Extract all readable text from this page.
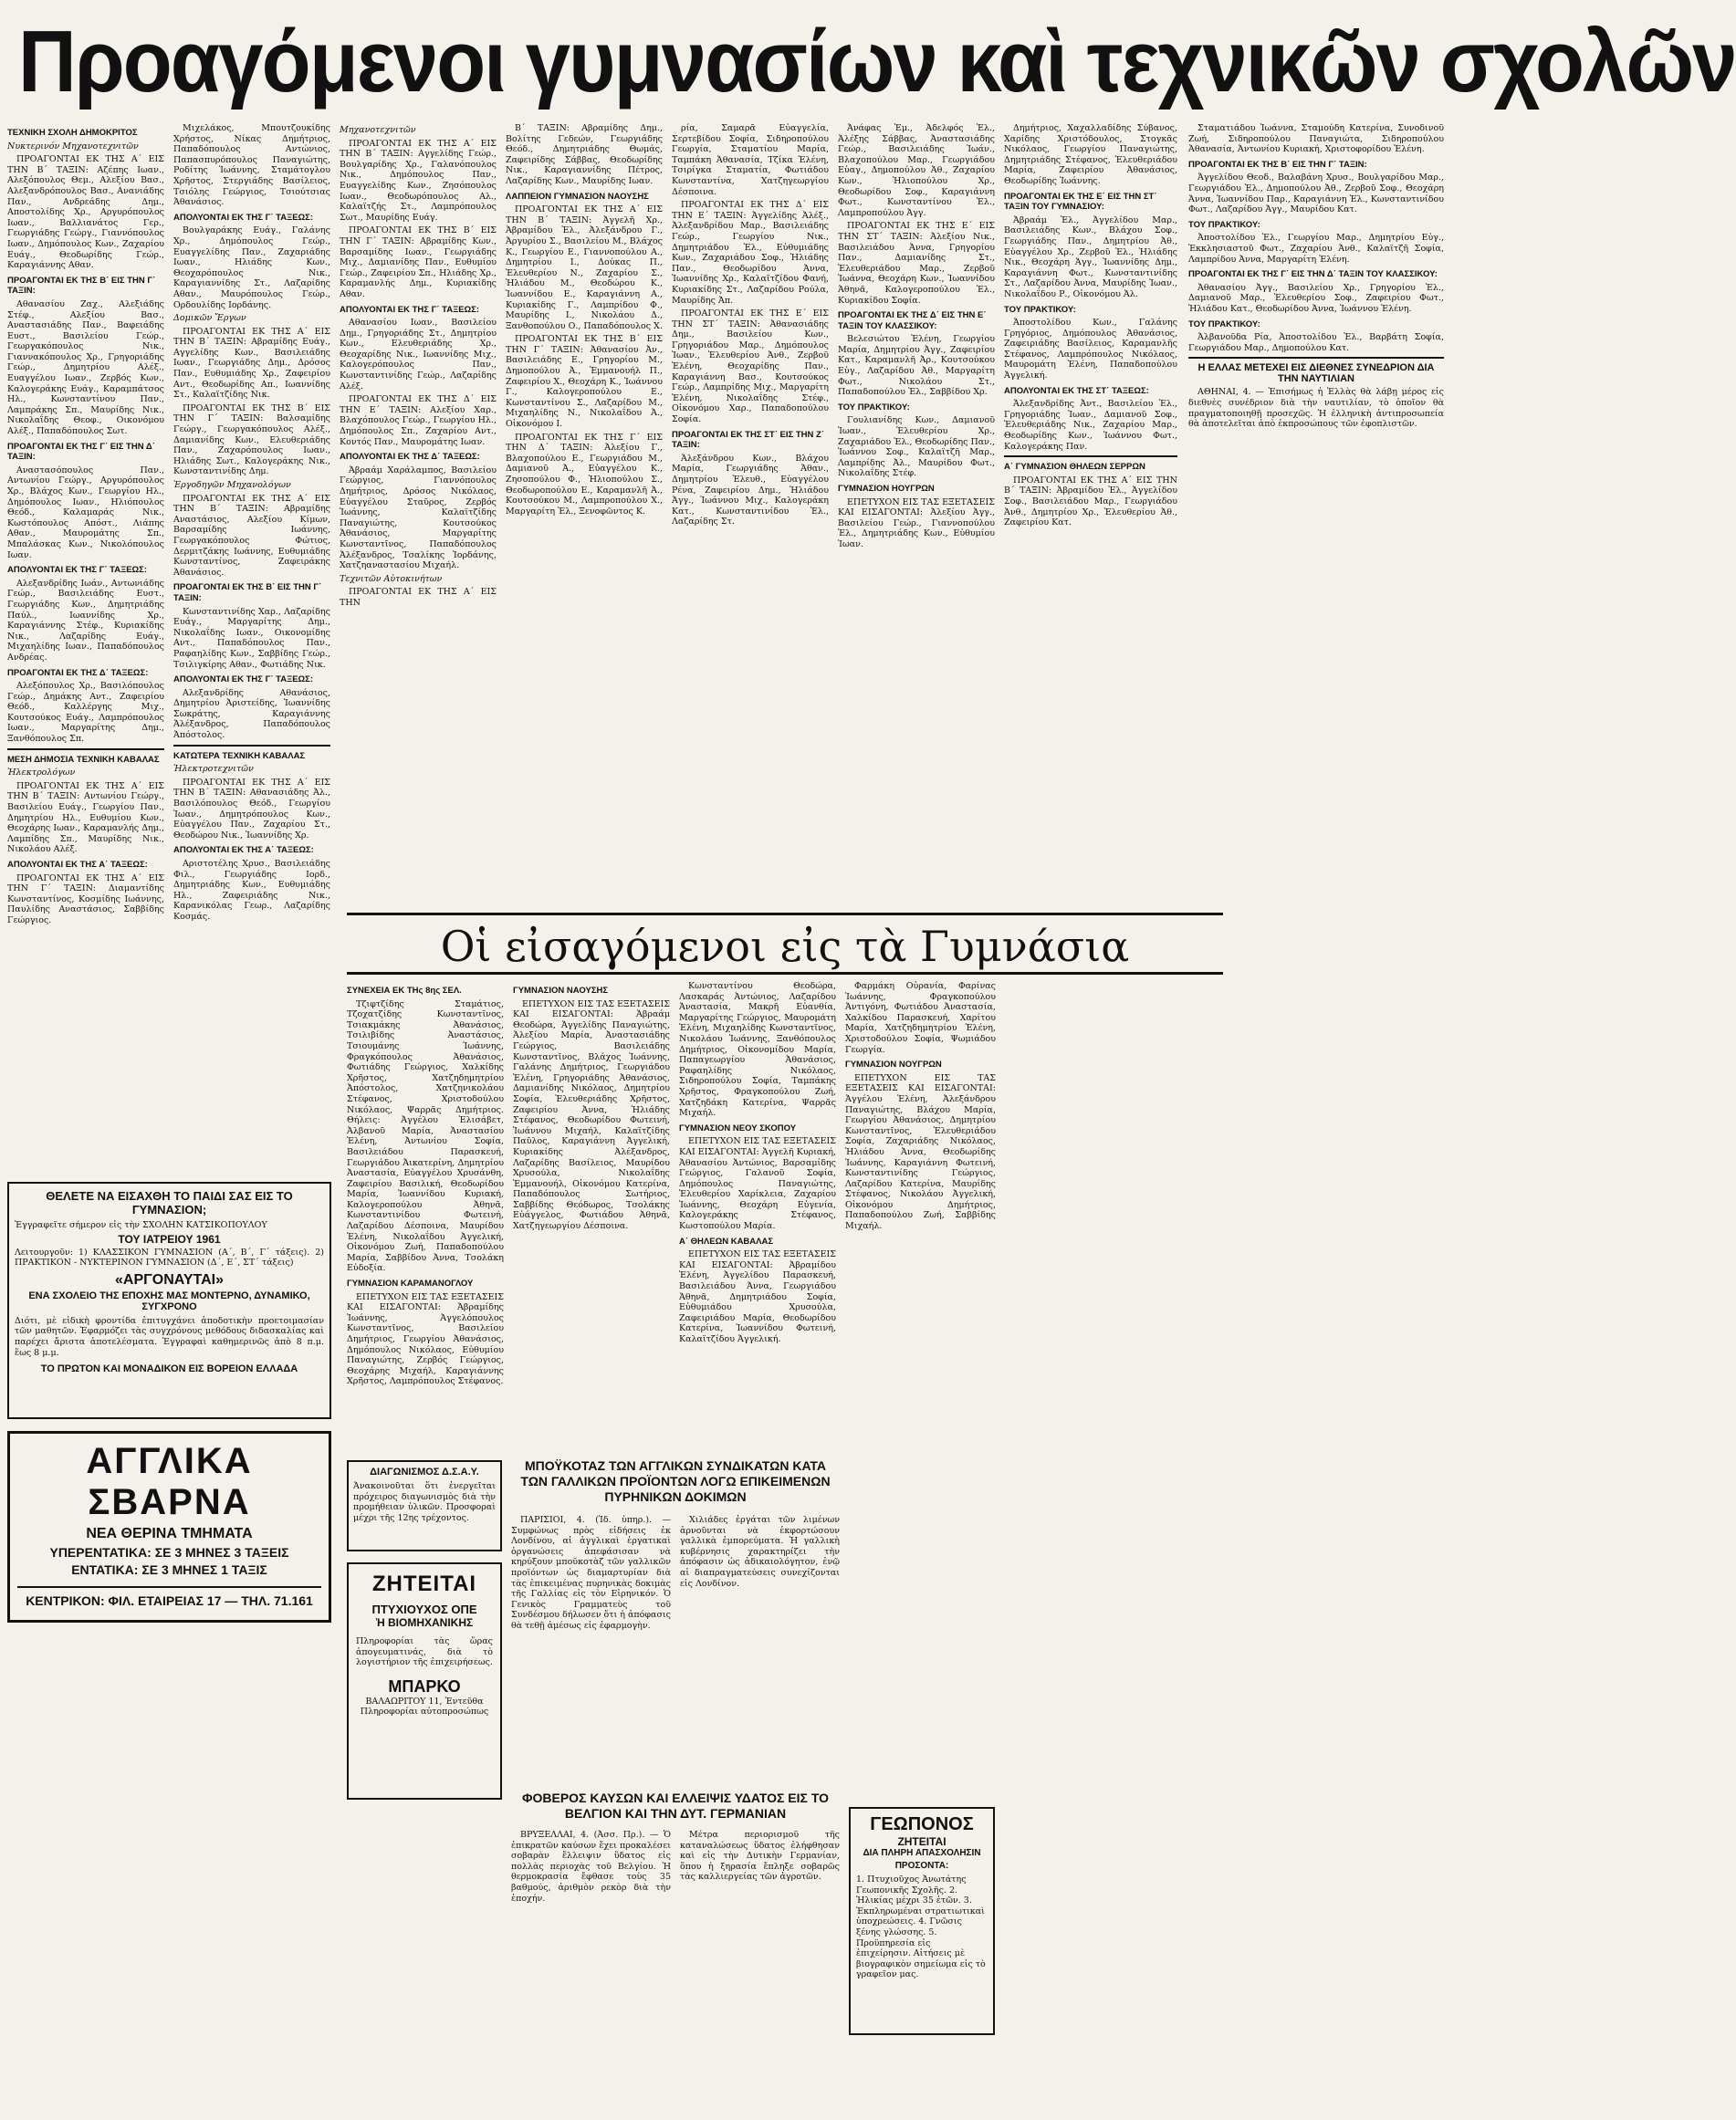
Προαγόμενοι γυμνασίων καὶ τεχνικῶν σχολῶν
ΤΕΧΝΙΚΗ ΣΧΟΛΗ ΔΗΜΟΚΡΙΤΟΣ
Νυκτερινόν Μηχανοτεχνιτῶν

ΠΡΟΑΓΟΝΤΑΙ ΕΚ ΤΗΣ Α΄ ΕΙΣ ΤΗΝ Β΄ ΤΑΞΙΝ: Αζέπης Ιωαν., Αλεξόπουλος Θεμ., Αλεξίου Βασ., Αλεξανδρόπουλος Βασ., Ανανιάδης Παν., Ανδρεάδης Δημ., Αποστολίδης Χρ., Αργυρόπουλος Ιωαν., Βαλλιανάτος Γερ., Γεωργιάδης Γεώργ., Γιαννόπουλος Ιωαν., Δημόπουλος Κων., Ζαχαρίου Ευάγ., Θεοδωρίδης Γεώρ., Καραγιάννης Αθαν.

ΠΡΟΑΓΟΝΤΑΙ ΕΚ ΤΗΣ Β΄ ΕΙΣ ΤΗΝ Γ΄ ΤΑΞΙΝ:

Αθανασίου Ζαχ., Αλεξιάδης Στέφ., Αλεξίου Βασ., Αναστασιάδης Παν., Βαφειάδης Ευστ., Βασιλείου Γεώρ., Γεωργακόπουλος Νικ., Γιαννακόπουλος Χρ., Γρηγοριάδης Γεώρ., Δημητρίου Αλέξ., Ευαγγέλου Ιωαν., Ζερβός Κων., Καλογεράκης Ευάγ., Καραμπάτσος Ηλ., Κωνσταντίνου Παν., Λαμπράκης Σπ., Μαυρίδης Νικ., Νικολαΐδης Θεοφ., Οικονόμου Αλέξ., Παπαδόπουλος Σωτ.

ΠΡΟΑΓΟΝΤΑΙ ΕΚ ΤΗΣ Γ΄ ΕΙΣ ΤΗΝ Δ΄ ΤΑΞΙΝ:

Αναστασόπουλος Παν., Αντωνίου Γεώργ., Αργυρόπουλος Χρ., Βλάχος Κων., Γεωργίου Ηλ., Δημόπουλος Ιωαν., Ηλιόπουλος Θεόδ., Καλαμαράς Νικ., Κωστόπουλος Απόστ., Λιάπης Αθαν., Μαυρομάτης Σπ., Μπαλάσκας Κων., Νικολόπουλος Ιωαν.

ΑΠΟΛΥΟΝΤΑΙ ΕΚ ΤΗΣ Γ΄ ΤΑΞΕΩΣ:

Αλεξανδρίδης Ιωάν., Αντωνιάδης Γεώρ., Βασιλειάδης Ευστ., Γεωργιάδης Κων., Δημητριάδης Παύλ., Ιωαννίδης Χρ., Καραγιάννης Στέφ., Κυριακίδης Νικ., Λαζαρίδης Ευάγ., Μιχαηλίδης Ιωαν., Παπαδόπουλος Ανδρέας.

ΠΡΟΑΓΟΝΤΑΙ ΕΚ ΤΗΣ Δ΄ ΤΑΞΕΩΣ:

Αλεξόπουλος Χρ., Βασιλόπουλος Γεώρ., Δημάκης Αντ., Ζαφειρίου Θεόδ., Καλλέργης Μιχ., Κουτσούκος Ευάγ., Λαμπρόπουλος Ιωαν., Μαργαρίτης Δημ., Ξανθόπουλος Σπ.

ΜΕΣΗ ΔΗΜΟΣΙΑ ΤΕΧΝΙΚΗ ΚΑΒΑΛΑΣ
Ἠλεκτρολόγων

ΠΡΟΑΓΟΝΤΑΙ ΕΚ ΤΗΣ Α΄ ΕΙΣ ΤΗΝ Β΄ ΤΑΞΙΝ: Αντωνίου Γεώργ., Βασιλείου Ευάγ., Γεωργίου Παν., Δημητρίου Ηλ., Ευθυμίου Κων., Θεοχάρης Ιωαν., Καραμανλής Δημ., Λαμπίδης Σπ., Μαυρίδης Νικ., Νικολάου Αλέξ.

ΑΠΟΛΥΟΝΤΑΙ ΕΚ ΤΗΣ Α΄ ΤΑΞΕΩΣ:

ΠΡΟΑΓΟΝΤΑΙ ΕΚ ΤΗΣ Α΄ ΕΙΣ ΤΗΝ Γ΄ ΤΑΞΙΝ: Διαμαντίδης Κωνσταντίνος, Κοσμίδης Ιωάννης, Παυλίδης Αναστάσιος, Σαββίδης Γεώργιος.

ΘΕΛΕΤΕ ΝΑ ΕΙΣΑΧΘΗ ΤΟ ΠΑΙΔΙ ΣΑΣ ΕΙΣ ΤΟ ΓΥΜΝΑΣΙΟΝ;
Ἐγγραφεῖτε σήμερον εἰς τὴν ΣΧΟΛΗΝ ΚΑΤΣΙΚΟΠΟΥΛΟΥ
ΤΟΥ ΙΑΤΡΕΙΟΥ 1961
Λειτουργοῦν: 1) ΚΛΑΣΣΙΚΟΝ ΓΥΜΝΑΣΙΟΝ (Α΄, Β΄, Γ΄ τάξεις). 2) ΠΡΑΚΤΙΚΟΝ - ΝΥΚΤΕΡΙΝΟΝ ΓΥΜΝΑΣΙΟΝ (Δ΄, Ε΄, ΣΤ΄ τάξεις)
«ΑΡΓΟΝΑΥΤΑΙ»
ΕΝΑ ΣΧΟΛΕΙΟ ΤΗΣ ΕΠΟΧΗΣ ΜΑΣ ΜΟΝΤΕΡΝΟ, ΔΥΝΑΜΙΚΟ, ΣΥΓΧΡΟΝΟ
Διότι, μὲ εἰδικὴ φροντίδα ἐπιτυγχάνει ἀποδοτικὴν προετοιμασίαν τῶν μαθητῶν. Ἐφαρμόζει τὰς συγχρόνους μεθόδους διδασκαλίας καὶ παρέχει ἄριστα ἀποτελέσματα. Ἐγγραφαὶ καθημερινῶς ἀπὸ 8 π.μ. ἕως 8 μ.μ.
ΤΟ ΠΡΩΤΟΝ ΚΑΙ ΜΟΝΑΔΙΚΟΝ ΕΙΣ ΒΟΡΕΙΟΝ ΕΛΛΑΔΑ
ΑΓΓΛΙΚΑ ΣΒΑΡΝΑ
ΝΕΑ ΘΕΡΙΝΑ ΤΜΗΜΑΤΑ
ΥΠΕΡΕΝΤΑΤΙΚΑ: ΣΕ 3 ΜΗΝΕΣ 3 ΤΑΞΕΙΣ
ΕΝΤΑΤΙΚΑ: ΣΕ 3 ΜΗΝΕΣ 1 ΤΑΞΙΣ
ΚΕΝΤΡΙΚΟΝ: ΦΙΛ. ΕΤΑΙΡΕΙΑΣ 17 — ΤΗΛ. 71.161

Μιχελάκος, Μπουτζουκίδης Χρήστος, Νίκας Δημήτριος, Παπαδόπουλος Αντώνιος, Παπασπυρόπουλος Παναγιώτης, Ροδίτης Ἰωάννης, Σταμάτογλου Χρῆστος, Στεργιάδης Βασίλειος, Τσιόλης Γεώργιος, Τσιούτσιας Ἀθανάσιος.

ΑΠΟΛΥΟΝΤΑΙ ΕΚ ΤΗΣ Γ΄ ΤΑΞΕΩΣ:

Βουλγαράκης Ευάγ., Γαλάνης Χρ., Δημόπουλος Γεώρ., Ευαγγελίδης Παν., Ζαχαριάδης Ιωαν., Ηλιάδης Κων., Θεοχαρόπουλος Νικ., Καραγιαννίδης Στ., Λαζαρίδης Αθαν., Μαυρόπουλος Γεώρ., Ορδουλίδης Ιορδάνης.

Δομικῶν Ἔργων

ΠΡΟΑΓΟΝΤΑΙ ΕΚ ΤΗΣ Α΄ ΕΙΣ ΤΗΝ Β΄ ΤΑΞΙΝ: Αβραμίδης Ευάγ., Αγγελίδης Κων., Βασιλειάδης Ιωαν., Γεωργιάδης Δημ., Δρόσος Παν., Ευθυμιάδης Χρ., Ζαφειρίου Αντ., Θεοδωρίδης Απ., Ιωαννίδης Στ., Καλαϊτζίδης Νικ.

ΠΡΟΑΓΟΝΤΑΙ ΕΚ ΤΗΣ Β΄ ΕΙΣ ΤΗΝ Γ΄ ΤΑΞΙΝ: Βαλσαμίδης Γεώργ., Γεωργακόπουλος Αλέξ., Δαμιανίδης Κων., Ελευθεριάδης Παν., Ζαχαρόπουλος Ιωαν., Ηλιάδης Σωτ., Καλογεράκης Νικ., Κωνσταντινίδης Δημ.

Ἐργοδηγῶν Μηχανολόγων

ΠΡΟΑΓΟΝΤΑΙ ΕΚ ΤΗΣ Α΄ ΕΙΣ ΤΗΝ Β΄ ΤΑΞΙΝ: Αβραμίδης Αναστάσιος, Αλεξίου Κίμων, Βαρσαμίδης Ιωάννης, Γεωργακόπουλος Φώτιος, Δερμιτζάκης Ιωάννης, Ευθυμιάδης Κωνσταντίνος, Ζαφειράκης Ἀθανάσιος.

ΠΡΟΑΓΟΝΤΑΙ ΕΚ ΤΗΣ Β΄ ΕΙΣ ΤΗΝ Γ΄ ΤΑΞΙΝ:

Κωνσταντινίδης Χαρ., Λαζαρίδης Ευάγ., Μαργαρίτης Δημ., Νικολαΐδης Ιωαν., Οικονομίδης Αντ., Παπαδόπουλος Παν., Ραφαηλίδης Κων., Σαββίδης Γεώρ., Τσιλιγκίρης Αθαν., Φωτιάδης Νικ.

ΑΠΟΛΥΟΝΤΑΙ ΕΚ ΤΗΣ Γ΄ ΤΑΞΕΩΣ:

Αλεξανδρίδης Αθανάσιος, Δημητρίου Ἀριστείδης, Ἰωαννίδης Σωκράτης, Καραγιάννης Ἀλέξανδρος, Παπαδόπουλος Ἀπόστολος.

ΚΑΤΩΤΕΡΑ ΤΕΧΝΙΚΗ ΚΑΒΑΛΑΣ
Ἠλεκτροτεχνιτῶν

ΠΡΟΑΓΟΝΤΑΙ ΕΚ ΤΗΣ Α΄ ΕΙΣ ΤΗΝ Β΄ ΤΑΞΙΝ: Αθανασιάδης Ἀλ., Βασιλόπουλος Θεόδ., Γεωργίου Ἰωαν., Δημητρόπουλος Κων., Εὐαγγέλου Παν., Ζαχαρίου Στ., Θεοδώρου Νικ., Ἰωαννίδης Χρ.

ΑΠΟΛΥΟΝΤΑΙ ΕΚ ΤΗΣ Α΄ ΤΑΞΕΩΣ:

Αριστοτέλης Χρυσ., Βασιλειάδης Φιλ., Γεωργιάδης Ιορδ., Δημητριάδης Κων., Ευθυμιάδης Ηλ., Ζαφειριάδης Νικ., Καρανικόλας Γεωρ., Λαζαρίδης Κοσμάς.

Μηχανοτεχνιτῶν

ΠΡΟΑΓΟΝΤΑΙ ΕΚ ΤΗΣ Α΄ ΕΙΣ ΤΗΝ Β΄ ΤΑΞΙΝ: Αγγελίδης Γεώρ., Βουλγαρίδης Χρ., Γαλανόπουλος Νικ., Δημόπουλος Παν., Ευαγγελίδης Κων., Ζησόπουλος Ιωαν., Θεοδωρόπουλος Αλ., Καλαϊτζής Στ., Λαμπρόπουλος Σωτ., Μαυρίδης Ευάγ.

ΠΡΟΑΓΟΝΤΑΙ ΕΚ ΤΗΣ Β΄ ΕΙΣ ΤΗΝ Γ΄ ΤΑΞΙΝ: Αβραμίδης Κων., Βαρσαμίδης Ιωαν., Γεωργιάδης Μιχ., Δαμιανίδης Παν., Ευθυμίου Γεώρ., Ζαφειρίου Σπ., Ηλιάδης Χρ., Καραμανλής Δημ., Κυριακίδης Αθαν.

ΑΠΟΛΥΟΝΤΑΙ ΕΚ ΤΗΣ Γ΄ ΤΑΞΕΩΣ:

Αθανασίου Ιωαν., Βασιλείου Δημ., Γρηγοριάδης Στ., Δημητρίου Κων., Ελευθεριάδης Χρ., Θεοχαρίδης Νικ., Ιωαννίδης Μιχ., Καλογερόπουλος Παν., Κωνσταντινίδης Γεώρ., Λαζαρίδης Αλέξ.

ΠΡΟΑΓΟΝΤΑΙ ΕΚ ΤΗΣ Δ΄ ΕΙΣ ΤΗΝ Ε΄ ΤΑΞΙΝ: Αλεξίου Χαρ., Βλαχόπουλος Γεώρ., Γεωργίου Ηλ., Δημόπουλος Σπ., Ζαχαρίου Αντ., Κοντός Παν., Μαυρομάτης Ιωαν.

ΑΠΟΛΥΟΝΤΑΙ ΕΚ ΤΗΣ Δ΄ ΤΑΞΕΩΣ:

Ἀβραάμ Χαράλαμπος, Βασιλείου Γεώργιος, Γιαννόπουλος Δημήτριος, Δρόσος Νικόλαος, Εὐαγγέλου Σταῦρος, Ζερβός Ἰωάννης, Καλαϊτζίδης Παναγιώτης, Κουτσούκος Ἀθανάσιος, Μαργαρίτης Κωνσταντῖνος, Παπαδόπουλος Ἀλέξανδρος, Τσαλίκης Ἰορδάνης, Χατζηαναστασίου Μιχαήλ.

Τεχνιτῶν Αὐτοκινήτων

ΠΡΟΑΓΟΝΤΑΙ ΕΚ ΤΗΣ Α΄ ΕΙΣ ΤΗΝ

Β΄ ΤΑΞΙΝ: Αβραμίδης Δημ., Βολίτης Γεδεών, Γεωργιάδης Θεόδ., Δημητριάδης Θωμάς, Ζαφειρίδης Σάββας, Θεοδωρίδης Νικ., Καραγιαννίδης Πέτρος, Λαζαρίδης Κων., Μαυρίδης Ιωαν.

ΛΑΠΠΕΙΟΝ ΓΥΜΝΑΣΙΟΝ ΝΑΟΥΣΗΣ

ΠΡΟΑΓΟΝΤΑΙ ΕΚ ΤΗΣ Α΄ ΕΙΣ ΤΗΝ Β΄ ΤΑΞΙΝ: Ἀγγελῆ Χρ., Ἀβραμίδου Ἐλ., Ἀλεξάνδρου Γ., Ἀργυρίου Σ., Βασιλείου Μ., Βλάχος Κ., Γεωργίου Ε., Γιαννοπούλου Α., Δημητρίου Ι., Δούκας Π., Ἐλευθερίου Ν., Ζαχαρίου Σ., Ἡλιάδου Μ., Θεοδώρου Κ., Ἰωαννίδου Ε., Καραγιάννη Α., Κυριακίδης Γ., Λαμπρίδου Φ., Μαυρίδης Ι., Νικολάου Δ., Ξανθοπούλου Ο., Παπαδόπουλος Χ.

ΠΡΟΑΓΟΝΤΑΙ ΕΚ ΤΗΣ Β΄ ΕΙΣ ΤΗΝ Γ΄ ΤΑΞΙΝ: Ἀθανασίου Ἀν., Βασιλειάδης Ε., Γρηγορίου Μ., Δημοπούλου Ἀ., Ἐμμανουήλ Π., Ζαφειρίου Χ., Θεοχάρη Κ., Ἰωάννου Γ., Καλογεροπούλου Ε., Κωνσταντίνου Σ., Λαζαρίδου Μ., Μιχαηλίδης Ν., Νικολαΐδου Ἀ., Οἰκονόμου Ι.

ΠΡΟΑΓΟΝΤΑΙ ΕΚ ΤΗΣ Γ΄ ΕΙΣ ΤΗΝ Δ΄ ΤΑΞΙΝ: Ἀλεξίου Γ., Βλαχοπούλου Ε., Γεωργιάδου Μ., Δαμιανοῦ Ἀ., Εὐαγγέλου Κ., Ζησοπούλου Φ., Ἡλιοπούλου Σ., Θεοδωροπούλου Ε., Καραμανλῆ Ἀ., Κουτσούκου Μ., Λαμπροπούλου Χ., Μαργαρίτη Ἐλ., Ξενοφῶντος Κ.

ρία, Σαμαρᾶ Εὐαγγελία, Σερτεβίδου Σοφία, Σιδηροπούλου Γεωργία, Σταματίου Μαρία, Ταμπάκη Ἀθανασία, Τζίκα Ἑλένη, Τσιρίγκα Σταματία, Φωτιάδου Κωνσταντίνα, Χατζηγεωργίου Δέσποινα.

ΠΡΟΑΓΟΝΤΑΙ ΕΚ ΤΗΣ Δ΄ ΕΙΣ ΤΗΝ Ε΄ ΤΑΞΙΝ: Ἀγγελίδης Ἀλέξ., Ἀλεξανδρίδου Μαρ., Βασιλειάδης Γεώρ., Γεωργίου Νικ., Δημητριάδου Ἐλ., Εὐθυμιάδης Κων., Ζαχαριάδου Σοφ., Ἠλιάδης Παν., Θεοδωρίδου Ἀννα, Ἰωαννίδης Χρ., Καλαϊτζίδου Φανή, Κυριακίδης Στ., Λαζαρίδου Ρούλα, Μαυρίδης Ἀπ.

ΠΡΟΑΓΟΝΤΑΙ ΕΚ ΤΗΣ Ε΄ ΕΙΣ ΤΗΝ ΣΤ΄ ΤΑΞΙΝ: Ἀθανασιάδης Δημ., Βασιλείου Κων., Γρηγοριάδου Μαρ., Δημόπουλος Ἰωαν., Ἐλευθερίου Ἀνθ., Ζερβοῦ Ἑλένη, Θεοχαρίδης Παν., Καραγιάννη Βασ., Κουτσούκος Γεώρ., Λαμπρίδης Μιχ., Μαργαρίτη Ἐλένη, Νικολαΐδης Στέφ., Οἰκονόμου Χαρ., Παπαδοπούλου Σοφία.

ΠΡΟΑΓΟΝΤΑΙ ΕΚ ΤΗΣ ΣΤ΄ ΕΙΣ ΤΗΝ Ζ΄ ΤΑΞΙΝ:

Ἀλεξάνδρου Κων., Βλάχου Μαρία, Γεωργιάδης Ἀθαν., Δημητρίου Ἐλευθ., Εὐαγγέλου Ρένα, Ζαφειρίου Δημ., Ἡλιάδου Ἀγγ., Ἰωάννου Μιχ., Καλογεράκη Κατ., Κωνσταντινίδου Ἐλ., Λαζαρίδης Στ.

Ἀνάφας Ἐμ., Ἀδελφός Ἐλ., Ἀλέξης Σάββας, Ἀναστασιάδης Γεώρ., Βασιλειάδης Ἰωάν., Βλαχοπούλου Μαρ., Γεωργιάδου Εὐαγ., Δημοπούλου Ἀθ., Ζαχαρίου Κων., Ἡλιοπούλου Χρ., Θεοδωρίδου Σοφ., Καραγιάννη Φωτ., Κωνσταντίνου Ἑλ., Λαμπροπούλου Ἀγγ.

ΠΡΟΑΓΟΝΤΑΙ ΕΚ ΤΗΣ Ε΄ ΕΙΣ ΤΗΝ ΣΤ΄ ΤΑΞΙΝ: Ἀλεξίου Νικ., Βασιλειάδου Ἀννα, Γρηγορίου Παν., Δαμιανίδης Στ., Ἐλευθεριάδου Μαρ., Ζερβοῦ Ἰωάννα, Θεοχάρη Κων., Ἰωαννίδου Ἀθηνᾶ, Καλογεροπούλου Ἐλ., Κυριακίδου Σοφία.

ΠΡΟΑΓΟΝΤΑΙ ΕΚ ΤΗΣ Δ΄ ΕΙΣ ΤΗΝ Ε΄ ΤΑΞΙΝ ΤΟΥ ΚΛΑΣΣΙΚΟΥ:

Βελεσιώτου Ἑλένη, Γεωργίου Μαρία, Δημητρίου Ἀγγ., Ζαφειρίου Κατ., Καραμανλῆ Ἀρ., Κουτσούκου Εὐγ., Λαζαρίδου Ἀθ., Μαργαρίτη Φωτ., Νικολάου Στ., Παπαδοπούλου Ἐλ., Σαββίδου Χρ.

ΤΟΥ ΠΡΑΚΤΙΚΟΥ:

Γουλιανίδης Κων., Δαμιανοῦ Ἰωαν., Ἐλευθερίου Χρ., Ζαχαριάδου Ἐλ., Θεοδωρίδης Παν., Ἰωάννου Σοφ., Καλαϊτζῆ Μαρ., Λαμπρίδης Ἀλ., Μαυρίδου Φωτ., Νικολαΐδης Στέφ.

ΓΥΜΝΑΣΙΟΝ ΗΟΥΓΡΩΝ

ΕΠΕΤΥΧΟΝ ΕΙΣ ΤΑΣ ΕΞΕΤΑΣΕΙΣ ΚΑΙ ΕΙΣΑΓΟΝΤΑΙ: Ἀλεξίου Ἀγγ., Βασιλείου Γεώρ., Γιαννοπούλου Ἐλ., Δημητριάδης Κων., Εὐθυμίου Ἰωαν.

Δημήτριος, Χαχαλλαδίδης Σύβανος, Χαρίδης Χριστόδουλος, Στογκᾶς Νικόλαος, Γεωργίου Παναγιώτης, Δημητριάδης Στέφανος, Ἐλευθεριάδου Μαρία, Ζαφειρίου Ἀθανάσιος, Θεοδωρίδης Ἰωάννης.

ΠΡΟΑΓΟΝΤΑΙ ΕΚ ΤΗΣ Ε΄ ΕΙΣ ΤΗΝ ΣΤ΄ ΤΑΞΙΝ ΤΟΥ ΓΥΜΝΑΣΙΟΥ:

Ἀβραάμ Ἐλ., Ἀγγελίδου Μαρ., Βασιλειάδης Κων., Βλάχου Σοφ., Γεωργιάδης Παν., Δημητρίου Ἀθ., Εὐαγγέλου Χρ., Ζερβοῦ Ἑλ., Ἡλιάδης Νικ., Θεοχάρη Ἀγγ., Ἰωαννίδης Δημ., Καραγιάννη Φωτ., Κωνσταντινίδης Στ., Λαζαρίδου Ἀννα, Μαυρίδης Ἰωαν., Νικολαΐδου Ρ., Οἰκονόμου Ἀλ.

ΤΟΥ ΠΡΑΚΤΙΚΟΥ:

Ἀποστολίδου Κων., Γαλάνης Γρηγόριος, Δημόπουλος Ἀθανάσιος, Ζαφειριάδης Βασίλειος, Καραμανλῆς Στέφανος, Λαμπρόπουλος Νικόλαος, Μαυρομάτη Ἑλένη, Παπαδοπούλου Ἀγγελική.

ΑΠΟΛΥΟΝΤΑΙ ΕΚ ΤΗΣ ΣΤ΄ ΤΑΞΕΩΣ:

Ἀλεξανδρίδης Ἀντ., Βασιλείου Ἐλ., Γρηγοριάδης Ἰωαν., Δαμιανοῦ Σοφ., Ἐλευθεριάδης Νικ., Ζαχαρίου Μαρ., Θεοδωρίδης Κων., Ἰωάννου Φωτ., Καλογεράκης Παν.

Α΄ ΓΥΜΝΑΣΙΟΝ ΘΗΛΕΩΝ ΣΕΡΡΩΝ

ΠΡΟΑΓΟΝΤΑΙ ΕΚ ΤΗΣ Α΄ ΕΙΣ ΤΗΝ Β΄ ΤΑΞΙΝ: Ἀβραμίδου Ἐλ., Ἀγγελίδου Σοφ., Βασιλειάδου Μαρ., Γεωργιάδου Ἀνθ., Δημητρίου Χρ., Ἐλευθερίου Ἀθ., Ζαφειρίου Κατ.

Σταματιάδου Ἰωάννα, Σταμούδη Κατερίνα, Συνοδινοῦ Ζωή, Σιδηροπούλου Παναγιώτα, Σιδηροπούλου Ἀθανασία, Ἀντωνίου Κυριακή, Χριστοφορίδου Ἑλένη.

ΠΡΟΑΓΟΝΤΑΙ ΕΚ ΤΗΣ Β΄ ΕΙΣ ΤΗΝ Γ΄ ΤΑΞΙΝ:

Ἀγγελίδου Θεοδ., Βαλαβάνη Χρυσ., Βουλγαρίδου Μαρ., Γεωργιάδου Ἐλ., Δημοπούλου Ἀθ., Ζερβοῦ Σοφ., Θεοχάρη Ἀννα, Ἰωαννίδου Παρ., Καραγιάννη Ἑλ., Κωνσταντινίδου Φωτ., Λαζαρίδου Ἀγγ., Μαυρίδου Κατ.

ΤΟΥ ΠΡΑΚΤΙΚΟΥ:

Ἀποστολίδου Ἐλ., Γεωργίου Μαρ., Δημητρίου Εὐγ., Ἐκκλησιαστοῦ Φωτ., Ζαχαρίου Ἀνθ., Καλαϊτζῆ Σοφία, Λαμπρίδου Ἀννα, Μαργαρίτη Ἑλένη.

ΠΡΟΑΓΟΝΤΑΙ ΕΚ ΤΗΣ Γ΄ ΕΙΣ ΤΗΝ Δ΄ ΤΑΞΙΝ ΤΟΥ ΚΛΑΣΣΙΚΟΥ:

Ἀθανασίου Ἀγγ., Βασιλείου Χρ., Γρηγορίου Ἐλ., Δαμιανοῦ Μαρ., Ἐλευθερίου Σοφ., Ζαφειρίου Φωτ., Ἡλιάδου Κατ., Θεοδωρίδου Ἀννα, Ἰωάννου Ἑλένη.

ΤΟΥ ΠΡΑΚΤΙΚΟΥ:

Ἀλβανοῦδα Ρία, Ἀποστολίδου Ἐλ., Βαρβάτη Σοφία, Γεωργιάδου Μαρ., Δημοπούλου Κατ.

Η ΕΛΛΑΣ ΜΕΤΕΧΕΙ ΕΙΣ ΔΙΕΘΝΕΣ ΣΥΝΕΔΡΙΟΝ ΔΙΑ ΤΗΝ ΝΑΥΤΙΛΙΑΝ

ΑΘΗΝΑΙ, 4. — Ἐπισήμως ἡ Ἑλλὰς θὰ λάβῃ μέρος εἰς διεθνὲς συνέδριον διὰ τὴν ναυτιλίαν, τὸ ὁποῖον θὰ πραγματοποιηθῇ προσεχῶς. Ἡ ἑλληνικὴ ἀντιπροσωπεία θὰ ἀποτελεῖται ἀπὸ ἐκπροσώπους τῶν ἐφοπλιστῶν.

Οἱ εἰσαγόμενοι εἰς τὰ Γυμνάσια
ΣΥΝΕΧΕΙΑ ΕΚ ΤΗς 8ης ΣΕΛ.

Τζιφτζίδης Σταμάτιος, Τζοχατζίδης Κωνσταντῖνος, Τσιακμάκης Ἀθανάσιος, Τσιλιβίδης Ἀναστάσιος, Τσιουμάνης Ἰωάννης, Φραγκόπουλος Ἀθανάσιος, Φωτιάδης Γεώργιος, Χαλκίδης Χρῆστος, Χατζηδημητρίου Ἀπόστολος, Χατζηνικολάου Στέφανος, Χριστοδούλου Νικόλαος, Ψαρρᾶς Δημήτριος. Θήλεις: Ἀγγέλου Ἐλισάβετ, Ἀλβανοῦ Μαρία, Ἀναστασίου Ἑλένη, Ἀντωνίου Σοφία, Βασιλειάδου Παρασκευή, Γεωργιάδου Ἀικατερίνη, Δημητρίου Ἀναστασία, Εὐαγγέλου Χρυσάνθη, Ζαφειρίου Βασιλική, Θεοδωρίδου Μαρία, Ἰωαννίδου Κυριακή, Καλογεροπούλου Ἀθηνᾶ, Κωνσταντινίδου Φωτεινή, Λαζαρίδου Δέσποινα, Μαυρίδου Ἑλένη, Νικολαΐδου Ἀγγελική, Οἰκονόμου Ζωή, Παπαδοπούλου Μαρία, Σαββίδου Ἀννα, Τσολάκη Εὐδοξία.

ΓΥΜΝΑΣΙΟΝ ΚΑΡΑΜΑΝΟΓΛΟΥ

ΕΠΕΤΥΧΟΝ ΕΙΣ ΤΑΣ ΕΞΕΤΑΣΕΙΣ ΚΑΙ ΕΙΣΑΓΟΝΤΑΙ: Ἀβραμίδης Ἰωάννης, Ἀγγελόπουλος Κωνσταντῖνος, Βασιλείου Δημήτριος, Γεωργίου Ἀθανάσιος, Δημόπουλος Νικόλαος, Εὐθυμίου Παναγιώτης, Ζερβός Γεώργιος, Θεοχάρης Μιχαήλ, Καραγιάννης Χρῆστος, Λαμπρόπουλος Στέφανος.

ΓΥΜΝΑΣΙΟΝ ΝΑΟΥΣΗΣ

ΕΠΕΤΥΧΟΝ ΕΙΣ ΤΑΣ ΕΞΕΤΑΣΕΙΣ ΚΑΙ ΕΙΣΑΓΟΝΤΑΙ: Ἀβραάμ Θεοδώρα, Ἀγγελίδης Παναγιώτης, Ἀλεξίου Μαρία, Ἀναστασιάδης Γεώργιος, Βασιλειάδης Κωνσταντῖνος, Βλάχος Ἰωάννης, Γαλάνης Δημήτριος, Γεωργιάδου Ἑλένη, Γρηγοριάδης Ἀθανάσιος, Δαμιανίδης Νικόλαος, Δημητρίου Σοφία, Ἐλευθεριάδης Χρῆστος, Ζαφειρίου Ἀννα, Ἡλιάδης Στέφανος, Θεοδωρίδου Φωτεινή, Ἰωάννου Μιχαήλ, Καλαϊτζίδης Παῦλος, Καραγιάννη Ἀγγελική, Κυριακίδης Ἀλέξανδρος, Λαζαρίδης Βασίλειος, Μαυρίδου Χρυσούλα, Νικολαΐδης Ἐμμανουήλ, Οἰκονόμου Κατερίνα, Παπαδόπουλος Σωτήριος, Σαββίδης Θεόδωρος, Τσολάκης Εὐάγγελος, Φωτιάδου Ἀθηνᾶ, Χατζηγεωργίου Δέσποινα.

Κωνσταντίνου Θεοδώρα, Λασκαράς Ἀντώνιος, Λαζαρίδου Ἀναστασία, Μακρῆ Εὐανθία, Μαργαρίτης Γεώργιος, Μαυρομάτη Ἑλένη, Μιχαηλίδης Κωνσταντῖνος, Νικολάου Ἰωάννης, Ξανθόπουλος Δημήτριος, Οἰκονομίδου Μαρία, Παπαγεωργίου Ἀθανάσιος, Ραφαηλίδης Νικόλαος, Σιδηροπούλου Σοφία, Ταμπάκης Χρῆστος, Φραγκοπούλου Ζωή, Χατζηδάκη Κατερίνα, Ψαρρᾶς Μιχαήλ.

ΓΥΜΝΑΣΙΟΝ ΝΕΟΥ ΣΚΟΠΟΥ

ΕΠΕΤΥΧΟΝ ΕΙΣ ΤΑΣ ΕΞΕΤΑΣΕΙΣ ΚΑΙ ΕΙΣΑΓΟΝΤΑΙ: Ἀγγελῆ Κυριακή, Ἀθανασίου Ἀντώνιος, Βαρσαμίδης Γεώργιος, Γαλανοῦ Σοφία, Δημόπουλος Παναγιώτης, Ἐλευθερίου Χαρίκλεια, Ζαχαρίου Ἰωάννης, Θεοχάρη Εὐγενία, Καλογεράκης Στέφανος, Κωστοπούλου Μαρία.

Α΄ ΘΗΛΕΩΝ ΚΑΒΑΛΑΣ

ΕΠΕΤΥΧΟΝ ΕΙΣ ΤΑΣ ΕΞΕΤΑΣΕΙΣ ΚΑΙ ΕΙΣΑΓΟΝΤΑΙ: Ἀβραμίδου Ἑλένη, Ἀγγελίδου Παρασκευή, Βασιλειάδου Ἀννα, Γεωργιάδου Ἀθηνᾶ, Δημητριάδου Σοφία, Εὐθυμιάδου Χρυσούλα, Ζαφειριάδου Μαρία, Θεοδωρίδου Κατερίνα, Ἰωαννίδου Φωτεινή, Καλαϊτζίδου Ἀγγελική.

Φαρμάκη Οὐρανία, Φαρίνας Ἰωάννης, Φραγκοπούλου Ἀντιγόνη, Φωτιάδου Ἀναστασία, Χαλκίδου Παρασκευή, Χαρίτου Μαρία, Χατζηδημητρίου Ἑλένη, Χριστοδούλου Σοφία, Ψωμιάδου Γεωργία.

ΓΥΜΝΑΣΙΟΝ ΝΟΥΓΡΩΝ

ΕΠΕΤΥΧΟΝ ΕΙΣ ΤΑΣ ΕΞΕΤΑΣΕΙΣ ΚΑΙ ΕΙΣΑΓΟΝΤΑΙ: Ἀγγέλου Ἑλένη, Ἀλεξάνδρου Παναγιώτης, Βλάχου Μαρία, Γεωργίου Ἀθανάσιος, Δημητρίου Κωνσταντῖνος, Ἐλευθεριάδου Σοφία, Ζαχαριάδης Νικόλαος, Ἡλιάδου Ἀννα, Θεοδωρίδης Ἰωάννης, Καραγιάννη Φωτεινή, Κωνσταντινίδης Γεώργιος, Λαζαρίδου Κατερίνα, Μαυρίδης Στέφανος, Νικολάου Ἀγγελική, Οἰκονόμου Δημήτριος, Παπαδοπούλου Ζωή, Σαββίδης Μιχαήλ.

ΜΠΟΫΚΟΤΑΖ ΤΩΝ ΑΓΓΛΙΚΩΝ ΣΥΝΔΙΚΑΤΩΝ ΚΑΤΑ ΤΩΝ ΓΑΛΛΙΚΩΝ ΠΡΟΪΟΝΤΩΝ ΛΟΓΩ ΕΠΙΚΕΙΜΕΝΩΝ ΠΥΡΗΝΙΚΩΝ ΔΟΚΙΜΩΝ

ΠΑΡΙΣΙΟΙ, 4. (Ἰδ. ὑπηρ.). — Συμφώνως πρὸς εἰδήσεις ἐκ Λονδίνου, αἱ ἀγγλικαὶ ἐργατικαὶ ὀργανώσεις ἀπεφάσισαν νὰ κηρύξουν μποϋκοτὰζ τῶν γαλλικῶν προϊόντων ὡς διαμαρτυρίαν διὰ τὰς ἐπικειμένας πυρηνικὰς δοκιμὰς τῆς Γαλλίας εἰς τὸν Εἰρηνικόν. Ὁ Γενικὸς Γραμματεὺς τοῦ Συνδέσμου δήλωσεν ὅτι ἡ ἀπόφασις θὰ τεθῇ ἀμέσως εἰς ἐφαρμογὴν.

Χιλιάδες ἐργάται τῶν λιμένων ἀρνοῦνται νὰ ἐκφορτώσουν γαλλικὰ ἐμπορεύματα. Ἡ γαλλικὴ κυβέρνησις χαρακτηρίζει τὴν ἀπόφασιν ὡς ἀδικαιολόγητον, ἐνῷ αἱ διαπραγματεύσεις συνεχίζονται εἰς Λονδίνον.

ΦΟΒΕΡΟΣ ΚΑΥΣΩΝ ΚΑΙ ΕΛΛΕΙΨΙΣ ΥΔΑΤΟΣ ΕΙΣ ΤΟ ΒΕΛΓΙΟΝ ΚΑΙ ΤΗΝ ΔΥΤ. ΓΕΡΜΑΝΙΑΝ

ΒΡΥΞΕΛΛΑΙ, 4. (Ἀσσ. Πρ.). — Ὁ ἐπικρατῶν καύσων ἔχει προκαλέσει σοβαρὰν ἔλλειψιν ὕδατος εἰς πολλὰς περιοχὰς τοῦ Βελγίου. Ἡ θερμοκρασία ἔφθασε τοὺς 35 βαθμούς, ἀριθμὸν ρεκὸρ διὰ τὴν ἐποχήν.

Μέτρα περιορισμοῦ τῆς καταναλώσεως ὕδατος ἐλήφθησαν καὶ εἰς τὴν Δυτικὴν Γερμανίαν, ὅπου ἡ ξηρασία ἔπληξε σοβαρῶς τὰς καλλιεργείας τῶν ἀγροτῶν.

ΔΙΑΓΩΝΙΣΜΟΣ Δ.Σ.Α.Υ.
Ἀνακοινοῦται ὅτι ἐνεργεῖται πρόχειρος διαγωνισμὸς διὰ τὴν προμήθειαν ὑλικῶν. Προσφοραὶ μέχρι τῆς 12ης τρέχοντος.
ΖΗΤΕΙΤΑΙ
ΠΤΥΧΙΟΥΧΟΣ ΟΠΕ
Ἡ ΒΙΟΜΗΧΑΝΙΚΗΣ
Πληροφορίαι τὰς ὥρας ἀπογευματινάς, διὰ τὸ λογιστήριον τῆς ἐπιχειρήσεως.
ΜΠΑΡΚΟ
ΒΑΛΑΩΡΙΤΟΥ 11, Ἐντεῦθα Πληροφορίαι αὐτοπροσώπως
ΓΕΩΠΟΝΟΣ
ΖΗΤΕΙΤΑΙ
ΔΙΑ ΠΛΗΡΗ ΑΠΑΣΧΟΛΗΣΙΝ
ΠΡΟΣΟΝΤΑ:
1. Πτυχιοῦχος Ἀνωτάτης Γεωπονικῆς Σχολῆς. 2. Ἡλικίας μέχρι 35 ἐτῶν. 3. Ἐκπληρωμέναι στρατιωτικαὶ ὑποχρεώσεις. 4. Γνῶσις ξένης γλώσσης. 5. Προϋπηρεσία εἰς ἐπιχείρησιν. Αἰτήσεις μὲ βιογραφικὸν σημείωμα εἰς τὸ γραφεῖον μας.
